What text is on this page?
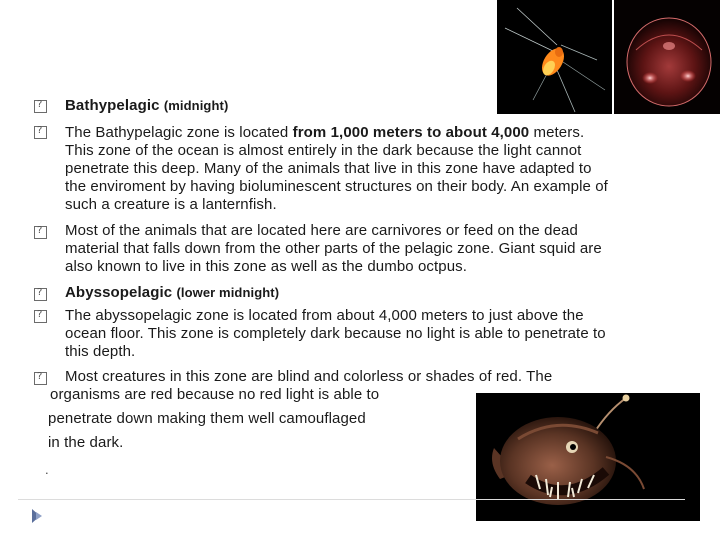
?
Bathypelagic (midnight)
?
The Bathypelagic zone is located from 1,000 meters to about 4,000 meters.
This zone of the ocean is almost entirely in the dark because the light cannot
penetrate this deep. Many of the animals that live in this zone have adapted to
the enviroment by having bioluminescent structures on their body. An example of
such a creature is a lanternfish.
?
Most of the animals that are located here are carnivores or feed on the dead
material that falls down from the other parts of the pelagic zone. Giant squid are
also known to live in this zone as well as the dumbo octpus.
?
Abyssopelagic (lower midnight)
?
The abyssopelagic zone is located from about 4,000 meters to just above the
ocean floor. This zone is completely dark because no light is able to penetrate to
this depth.
?
Most creatures in this zone are blind and colorless or shades of red. The
organisms are red because no red light is able to
penetrate down making them well camouflaged
in the dark.
.
